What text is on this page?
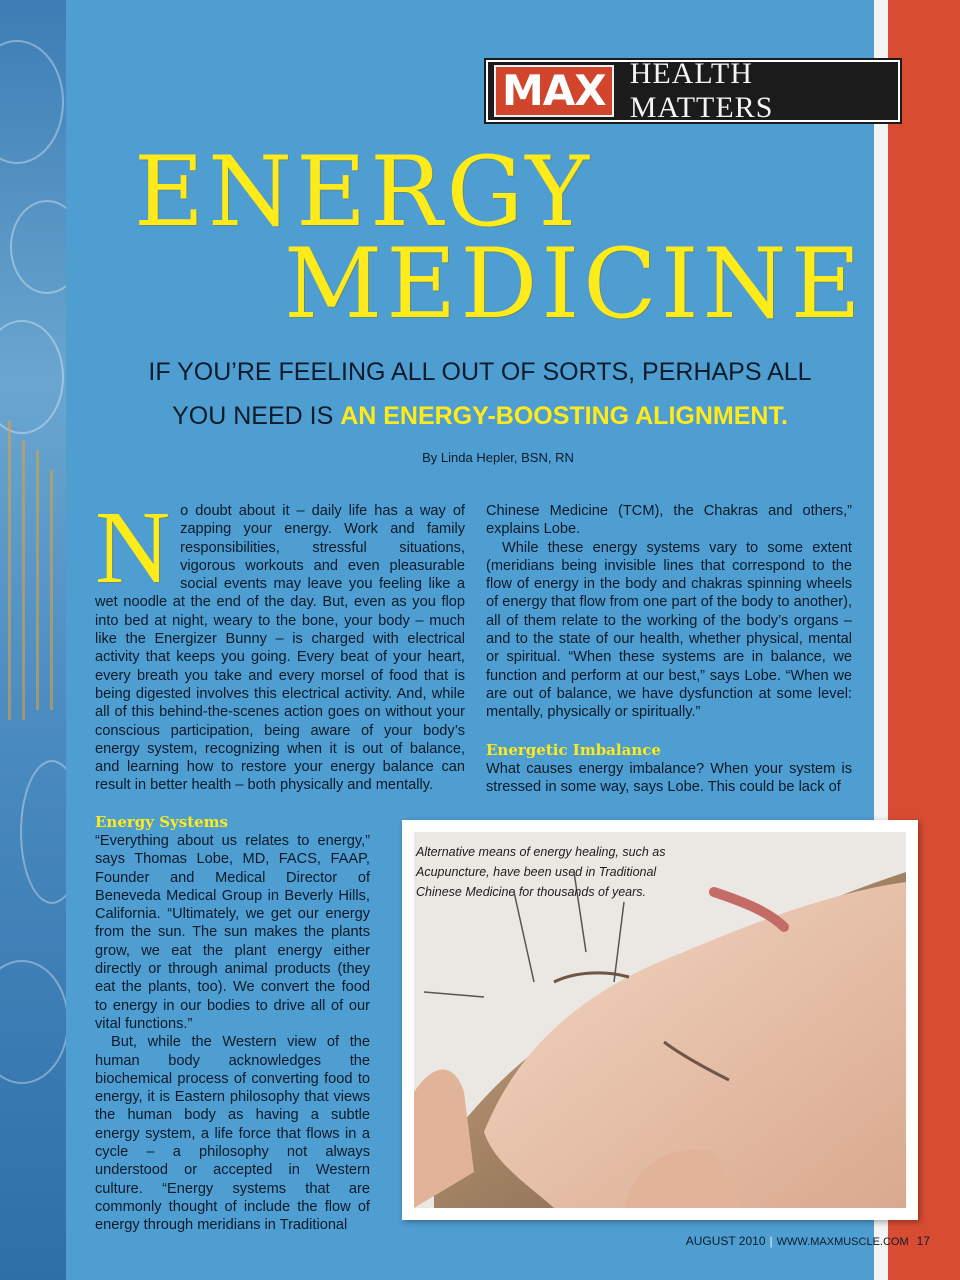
MAX HEALTH MATTERS
ENERGY
MEDICINE
IF YOU’RE FEELING ALL OUT OF SORTS, PERHAPS ALL
YOU NEED IS AN ENERGY-BOOSTING ALIGNMENT.
By Linda Hepler, BSN, RN
N o doubt about it – daily life has a way of zapping your energy. Work and family responsibilities, stressful situations, vigorous workouts and even pleasurable social events may leave you feeling like a wet noodle at the end of the day. But, even as you flop into bed at night, weary to the bone, your body – much like the Energizer Bunny – is charged with electrical activity that keeps you going. Every beat of your heart, every breath you take and every morsel of food that is being digested involves this electrical activity. And, while all of this behind-the-scenes action goes on without your conscious participation, being aware of your body’s energy system, recognizing when it is out of balance, and learning how to restore your energy balance can result in better health – both physically and mentally.

Energy Systems

“Everything about us relates to energy,” says Thomas Lobe, MD, FACS, FAAP, Founder and Medical Director of Beneveda Medical Group in Beverly Hills, California. “Ultimately, we get our energy from the sun. The sun makes the plants grow, we eat the plant energy either directly or through animal products (they eat the plants, too). We convert the food to energy in our bodies to drive all of our vital functions.”

But, while the Western view of the human body acknowledges the biochemical process of converting food to energy, it is Eastern philosophy that views the human body as having a subtle energy system, a life force that flows in a cycle – a philosophy not always understood or accepted in Western culture. “Energy systems that are commonly thought of include the flow of energy through meridians in Traditional

Chinese Medicine (TCM), the Chakras and others,” explains Lobe.

While these energy systems vary to some extent (meridians being invisible lines that correspond to the flow of energy in the body and chakras spinning wheels of energy that flow from one part of the body to another), all of them relate to the working of the body’s organs – and to the state of our health, whether physical, mental or spiritual. “When these systems are in balance, we function and perform at our best,” says Lobe. “When we are out of balance, we have dysfunction at some level: mentally, physically or spiritually.”

Energetic Imbalance

What causes energy imbalance? When your system is stressed in some way, says Lobe. This could be lack of

Alternative means of energy healing, such as Acupuncture, have been used in Traditional Chinese Medicine for thousands of years.
AUGUST 2010 | WWW.MAXMUSCLE.COM 17
